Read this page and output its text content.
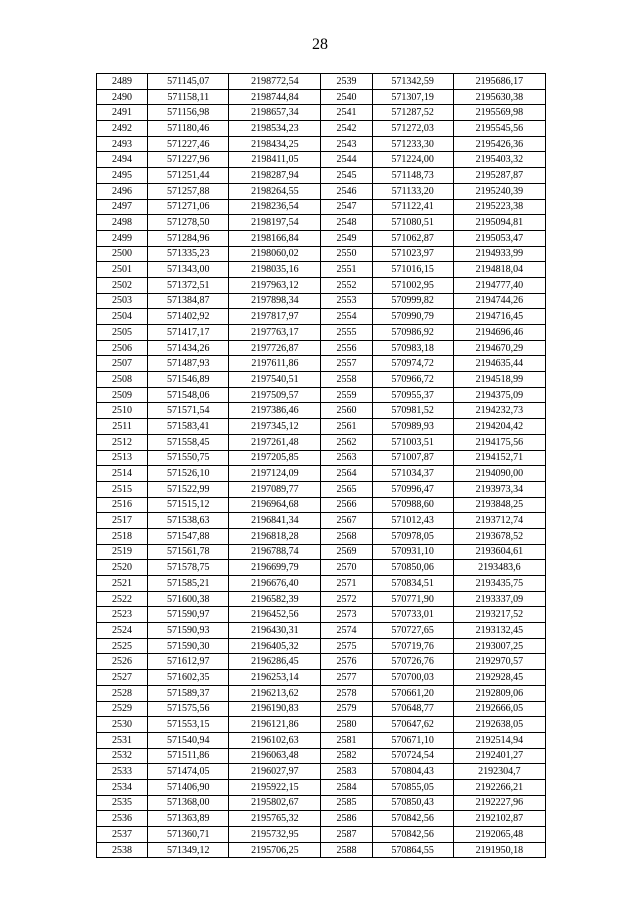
28
2489	571145,07	2198772,54	2539	571342,59	2195686,17
2490	571158,11	2198744,84	2540	571307,19	2195630,38
2491	571156,98	2198657,34	2541	571287,52	2195569,98
2492	571180,46	2198534,23	2542	571272,03	2195545,56
2493	571227,46	2198434,25	2543	571233,30	2195426,36
2494	571227,96	2198411,05	2544	571224,00	2195403,32
2495	571251,44	2198287,94	2545	571148,73	2195287,87
2496	571257,88	2198264,55	2546	571133,20	2195240,39
2497	571271,06	2198236,54	2547	571122,41	2195223,38
2498	571278,50	2198197,54	2548	571080,51	2195094,81
2499	571284,96	2198166,84	2549	571062,87	2195053,47
2500	571335,23	2198060,02	2550	571023,97	2194933,99
2501	571343,00	2198035,16	2551	571016,15	2194818,04
2502	571372,51	2197963,12	2552	571002,95	2194777,40
2503	571384,87	2197898,34	2553	570999,82	2194744,26
2504	571402,92	2197817,97	2554	570990,79	2194716,45
2505	571417,17	2197763,17	2555	570986,92	2194696,46
2506	571434,26	2197726,87	2556	570983,18	2194670,29
2507	571487,93	2197611,86	2557	570974,72	2194635,44
2508	571546,89	2197540,51	2558	570966,72	2194518,99
2509	571548,06	2197509,57	2559	570955,37	2194375,09
2510	571571,54	2197386,46	2560	570981,52	2194232,73
2511	571583,41	2197345,12	2561	570989,93	2194204,42
2512	571558,45	2197261,48	2562	571003,51	2194175,56
2513	571550,75	2197205,85	2563	571007,87	2194152,71
2514	571526,10	2197124,09	2564	571034,37	2194090,00
2515	571522,99	2197089,77	2565	570996,47	2193973,34
2516	571515,12	2196964,68	2566	570988,60	2193848,25
2517	571538,63	2196841,34	2567	571012,43	2193712,74
2518	571547,88	2196818,28	2568	570978,05	2193678,52
2519	571561,78	2196788,74	2569	570931,10	2193604,61
2520	571578,75	2196699,79	2570	570850,06	2193483,6
2521	571585,21	2196676,40	2571	570834,51	2193435,75
2522	571600,38	2196582,39	2572	570771,90	2193337,09
2523	571590,97	2196452,56	2573	570733,01	2193217,52
2524	571590,93	2196430,31	2574	570727,65	2193132,45
2525	571590,30	2196405,32	2575	570719,76	2193007,25
2526	571612,97	2196286,45	2576	570726,76	2192970,57
2527	571602,35	2196253,14	2577	570700,03	2192928,45
2528	571589,37	2196213,62	2578	570661,20	2192809,06
2529	571575,56	2196190,83	2579	570648,77	2192666,05
2530	571553,15	2196121,86	2580	570647,62	2192638,05
2531	571540,94	2196102,63	2581	570671,10	2192514,94
2532	571511,86	2196063,48	2582	570724,54	2192401,27
2533	571474,05	2196027,97	2583	570804,43	2192304,7
2534	571406,90	2195922,15	2584	570855,05	2192266,21
2535	571368,00	2195802,67	2585	570850,43	2192227,96
2536	571363,89	2195765,32	2586	570842,56	2192102,87
2537	571360,71	2195732,95	2587	570842,56	2192065,48
2538	571349,12	2195706,25	2588	570864,55	2191950,18
